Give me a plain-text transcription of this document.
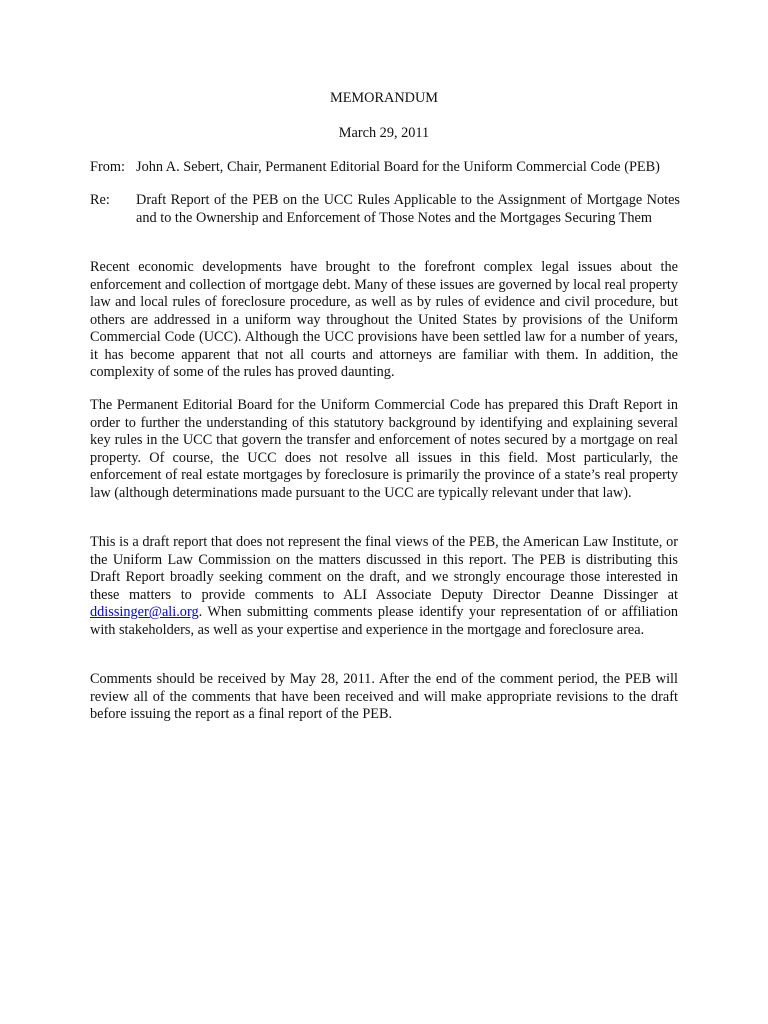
MEMORANDUM

March 29, 2011

From: John A. Sebert, Chair, Permanent Editorial Board for the Uniform Commercial Code (PEB)
Re: Draft Report of the PEB on the UCC Rules Applicable to the Assignment of Mortgage Notes and to the Ownership and Enforcement of Those Notes and the Mortgages Securing Them

Recent economic developments have brought to the forefront complex legal issues about the enforcement and collection of mortgage debt. Many of these issues are governed by local real property law and local rules of foreclosure procedure, as well as by rules of evidence and civil procedure, but others are addressed in a uniform way throughout the United States by provisions of the Uniform Commercial Code (UCC). Although the UCC provisions have been settled law for a number of years, it has become apparent that not all courts and attorneys are familiar with them. In addition, the complexity of some of the rules has proved daunting.

The Permanent Editorial Board for the Uniform Commercial Code has prepared this Draft Report in order to further the understanding of this statutory background by identifying and explaining several key rules in the UCC that govern the transfer and enforcement of notes secured by a mortgage on real property. Of course, the UCC does not resolve all issues in this field. Most particularly, the enforcement of real estate mortgages by foreclosure is primarily the province of a state’s real property law (although determinations made pursuant to the UCC are typically relevant under that law).

This is a draft report that does not represent the final views of the PEB, the American Law Institute, or the Uniform Law Commission on the matters discussed in this report. The PEB is distributing this Draft Report broadly seeking comment on the draft, and we strongly encourage those interested in these matters to provide comments to ALI Associate Deputy Director Deanne Dissinger at ddissinger@ali.org. When submitting comments please identify your representation of or affiliation with stakeholders, as well as your expertise and experience in the mortgage and foreclosure area.

Comments should be received by May 28, 2011. After the end of the comment period, the PEB will review all of the comments that have been received and will make appropriate revisions to the draft before issuing the report as a final report of the PEB.
